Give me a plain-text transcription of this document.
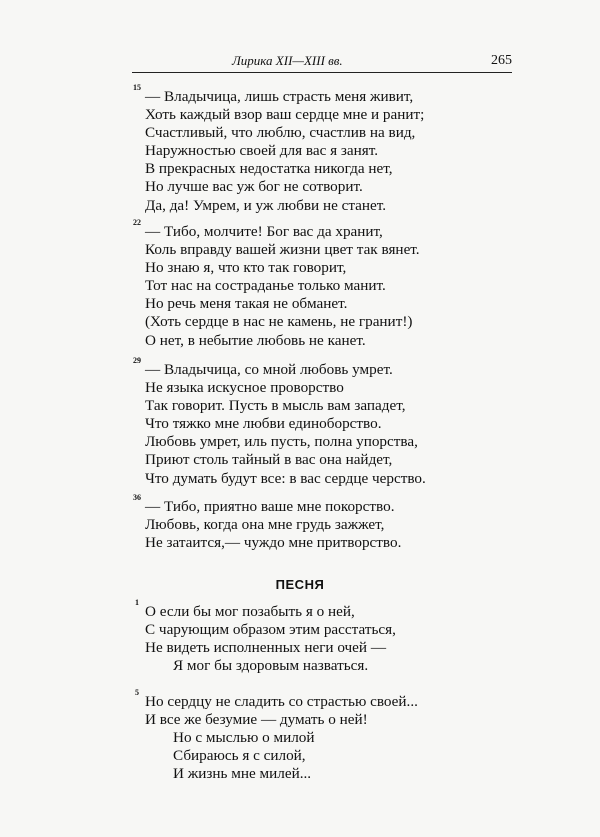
Лирика XII—XIII вв.	265
15
— Владычица, лишь страсть меня живит,
Хоть каждый взор ваш сердце мне и ранит;
Счастливый, что люблю, счастлив на вид,
Наружностью своей для вас я занят.
В прекрасных недостатка никогда нет,
Но лучше вас уж бог не сотворит.
Да, да! Умрем, и уж любви не станет.
22
— Тибо, молчите! Бог вас да хранит,
Коль вправду вашей жизни цвет так вянет.
Но знаю я, что кто так говорит,
Тот нас на состраданье только манит.
Но речь меня такая не обманет.
(Хоть сердце в нас не камень, не гранит!)
О нет, в небытие любовь не канет.
29
— Владычица, со мной любовь умрет.
Не языка искусное проворство
Так говорит. Пусть в мысль вам западет,
Что тяжко мне любви единоборство.
Любовь умрет, иль пусть, полна упорства,
Приют столь тайный в вас она найдет,
Что думать будут все: в вас сердце черство.
36
— Тибо, приятно ваше мне покорство.
Любовь, когда она мне грудь зажжет,
Не затаится,— чуждо мне притворство.
ПЕСНЯ
1
О если бы мог позабыть я о ней,
С чарующим образом этим расстаться,
Не видеть исполненных неги очей —
Я мог бы здоровым назваться.
5
Но сердцу не сладить со страстью своей...
И все же безумие — думать о ней!
Но с мыслью о милой
Сбираюсь я с силой,
И жизнь мне милей...
